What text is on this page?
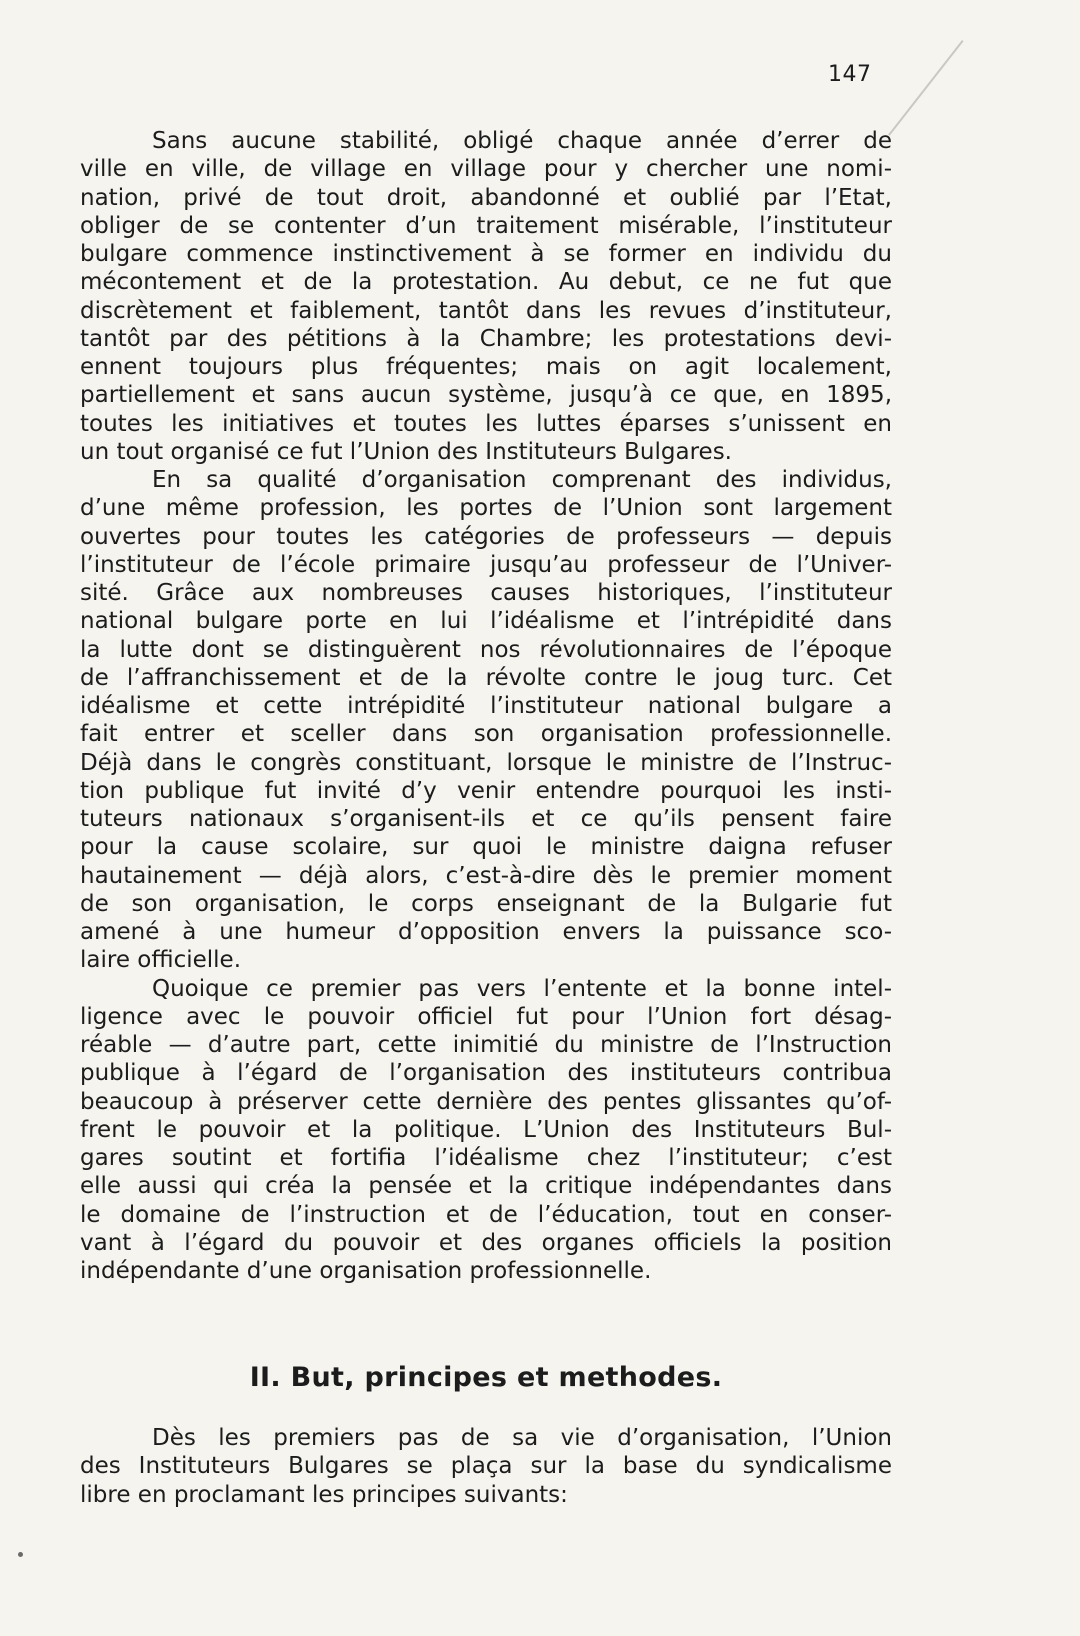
147
Sans aucune stabilité, obligé chaque année d’errer de
ville en ville, de village en village pour y chercher une nomi-
nation, privé de tout droit, abandonné et oublié par l’Etat,
obliger de se contenter d’un traitement misérable, l’instituteur
bulgare commence instinctivement à se former en individu du
mécontement et de la protestation. Au debut, ce ne fut que
discrètement et faiblement, tantôt dans les revues d’instituteur,
tantôt par des pétitions à la Chambre; les protestations devi-
ennent toujours plus fréquentes; mais on agit localement,
partiellement et sans aucun système, jusqu’à ce que, en 1895,
toutes les initiatives et toutes les luttes éparses s’unissent en
un tout organisé ce fut l’Union des Instituteurs Bulgares.
En sa qualité d’organisation comprenant des individus,
d’une même profession, les portes de l’Union sont largement
ouvertes pour toutes les catégories de professeurs — depuis
l’instituteur de l’école primaire jusqu’au professeur de l’Univer-
sité. Grâce aux nombreuses causes historiques, l’instituteur
national bulgare porte en lui l’idéalisme et l’intrépidité dans
la lutte dont se distinguèrent nos révolutionnaires de l’époque
de l’affranchissement et de la révolte contre le joug turc. Cet
idéalisme et cette intrépidité l’instituteur national bulgare a
fait entrer et sceller dans son organisation professionnelle.
Déjà dans le congrès constituant, lorsque le ministre de l’Instruc-
tion publique fut invité d’y venir entendre pourquoi les insti-
tuteurs nationaux s’organisent-ils et ce qu’ils pensent faire
pour la cause scolaire, sur quoi le ministre daigna refuser
hautainement — déjà alors, c’est-à-dire dès le premier moment
de son organisation, le corps enseignant de la Bulgarie fut
amené à une humeur d’opposition envers la puissance sco-
laire officielle.
Quoique ce premier pas vers l’entente et la bonne intel-
ligence avec le pouvoir officiel fut pour l’Union fort désag-
réable — d’autre part, cette inimitié du ministre de l’Instruction
publique à l’égard de l’organisation des instituteurs contribua
beaucoup à préserver cette dernière des pentes glissantes qu’of-
frent le pouvoir et la politique. L’Union des Instituteurs Bul-
gares soutint et fortifia l’idéalisme chez l’instituteur; c’est
elle aussi qui créa la pensée et la critique indépendantes dans
le domaine de l’instruction et de l’éducation, tout en conser-
vant à l’égard du pouvoir et des organes officiels la position
indépendante d’une organisation professionnelle.
II. But, principes et methodes.
Dès les premiers pas de sa vie d’organisation, l’Union
des Instituteurs Bulgares se plaça sur la base du syndicalisme
libre en proclamant les principes suivants:
